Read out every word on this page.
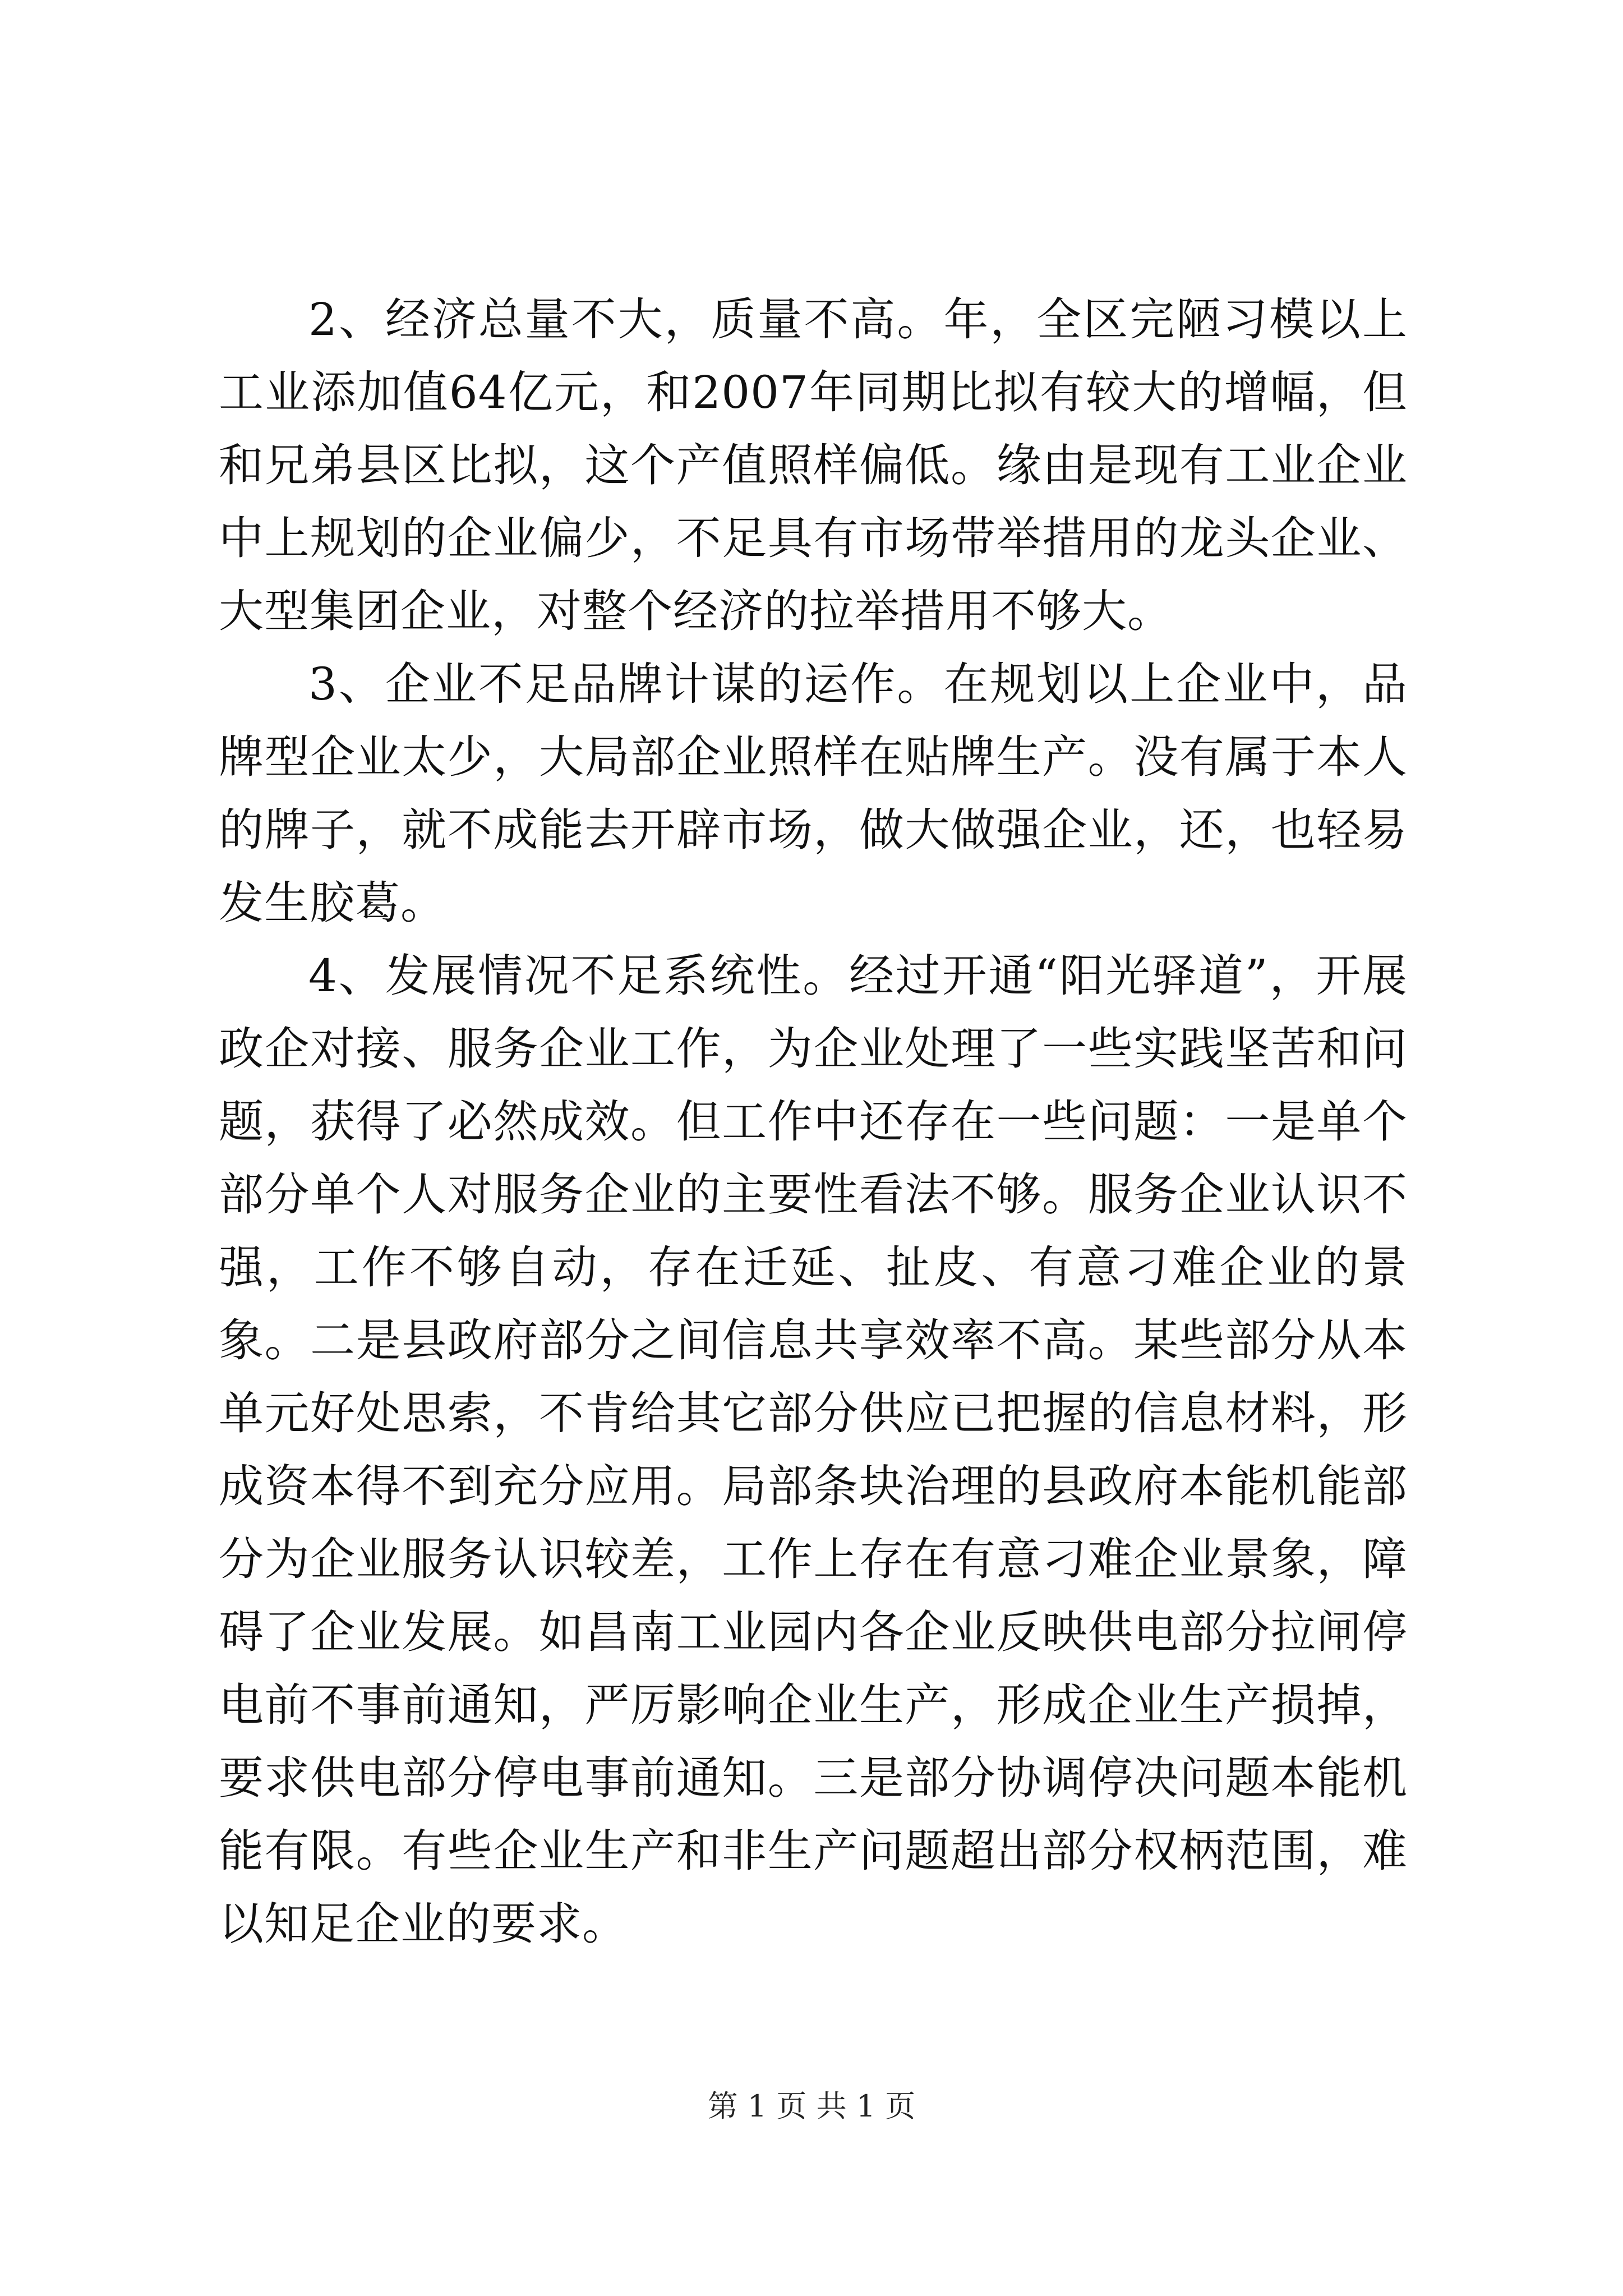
2、经济总量不大，质量不高。年，全区完陋习模以上工业添加值64亿元，和2007年同期比拟有较大的增幅，但和兄弟县区比拟，这个产值照样偏低。缘由是现有工业企业中上规划的企业偏少，不足具有市场带举措用的龙头企业、大型集团企业，对整个经济的拉举措用不够大。

3、企业不足品牌计谋的运作。在规划以上企业中，品牌型企业太少，大局部企业照样在贴牌生产。没有属于本人的牌子，就不成能去开辟市场，做大做强企业，还，也轻易发生胶葛。

4、发展情况不足系统性。经过开通“阳光驿道”，开展政企对接、服务企业工作，为企业处理了一些实践坚苦和问题，获得了必然成效。但工作中还存在一些问题：一是单个部分单个人对服务企业的主要性看法不够。服务企业认识不强，工作不够自动，存在迁延、扯皮、有意刁难企业的景象。二是县政府部分之间信息共享效率不高。某些部分从本单元好处思索，不肯给其它部分供应已把握的信息材料，形成资本得不到充分应用。局部条块治理的县政府本能机能部分为企业服务认识较差，工作上存在有意刁难企业景象，障碍了企业发展。如昌南工业园内各企业反映供电部分拉闸停电前不事前通知，严厉影响企业生产，形成企业生产损掉，要求供电部分停电事前通知。三是部分协调停决问题本能机能有限。有些企业生产和非生产问题超出部分权柄范围，难以知足企业的要求。

第 1 页 共 1 页
